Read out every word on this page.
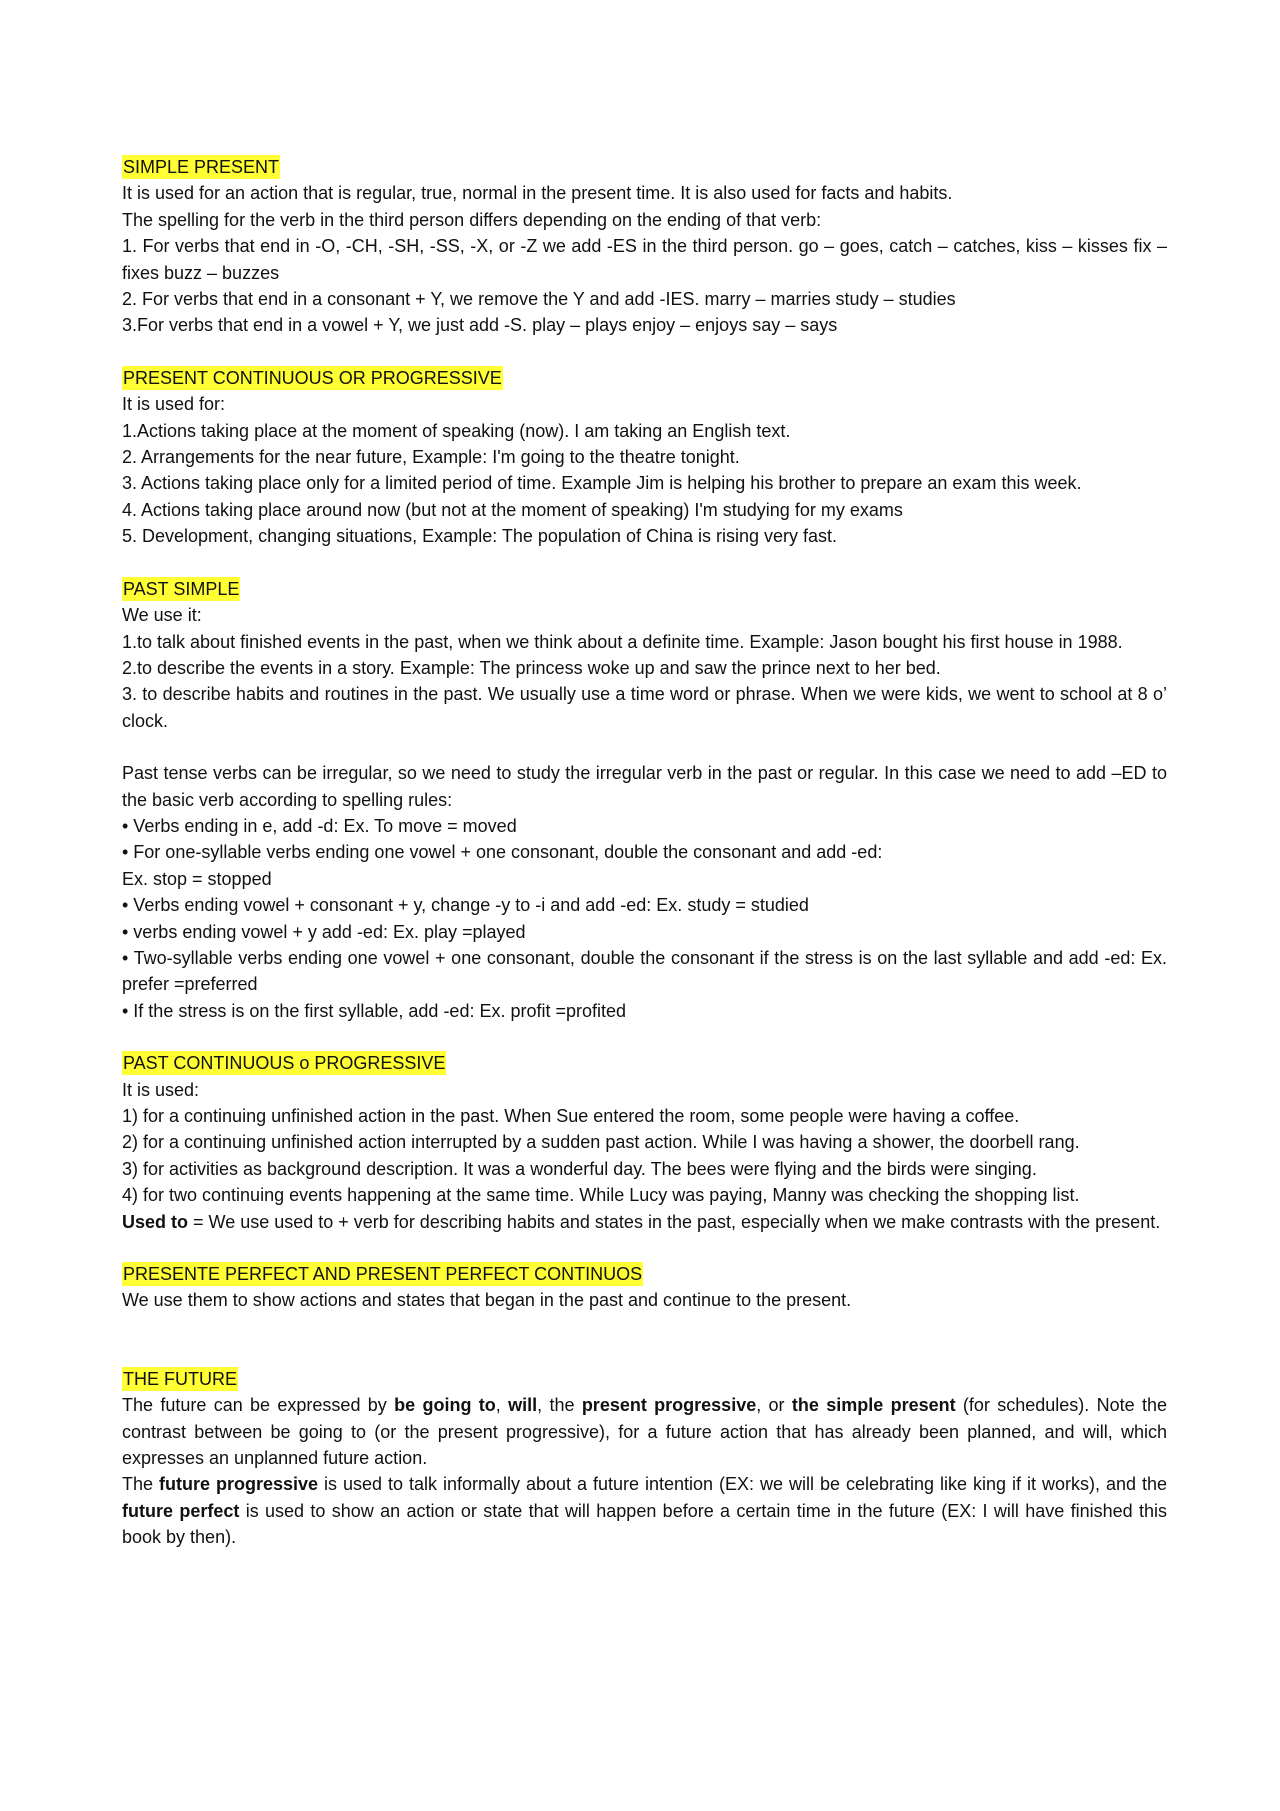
SIMPLE PRESENT

It is used for an action that is regular, true, normal in the present time. It is also used for facts and habits.

The spelling for the verb in the third person differs depending on the ending of that verb:

1. For verbs that end in -O, -CH, -SH, -SS, -X, or -Z we add -ES in the third person. go – goes, catch – catches, kiss – kisses fix – fixes buzz – buzzes

2. For verbs that end in a consonant + Y, we remove the Y and add -IES. marry – marries study – studies

3.For verbs that end in a vowel + Y, we just add -S. play – plays enjoy – enjoys say – says

PRESENT CONTINUOUS OR PROGRESSIVE

It is used for:

1.Actions taking place at the moment of speaking (now). I am taking an English text.

2. Arrangements for the near future, Example: I'm going to the theatre tonight.

3. Actions taking place only for a limited period of time. Example Jim is helping his brother to prepare an exam this week.

4. Actions taking place around now (but not at the moment of speaking) I'm studying for my exams

5. Development, changing situations, Example: The population of China is rising very fast.

PAST SIMPLE

We use it:

1.to talk about finished events in the past, when we think about a definite time. Example: Jason bought his first house in 1988.

2.to describe the events in a story. Example: The princess woke up and saw the prince next to her bed.

3. to describe habits and routines in the past. We usually use a time word or phrase. When we were kids, we went to school at 8 o’ clock.

Past tense verbs can be irregular, so we need to study the irregular verb in the past or regular. In this case we need to add –ED to the basic verb according to spelling rules:

• Verbs ending in e, add -d: Ex. To move = moved

• For one-syllable verbs ending one vowel + one consonant, double the consonant and add -ed:

Ex. stop = stopped

• Verbs ending vowel + consonant + y, change -y to -i and add -ed: Ex. study = studied

• verbs ending vowel + y add -ed: Ex. play =played

• Two-syllable verbs ending one vowel + one consonant, double the consonant if the stress is on the last syllable and add -ed: Ex. prefer =preferred

• If the stress is on the first syllable, add -ed: Ex. profit =profited

PAST CONTINUOUS o PROGRESSIVE

It is used:

1) for a continuing unfinished action in the past. When Sue entered the room, some people were having a coffee.

2) for a continuing unfinished action interrupted by a sudden past action. While I was having a shower, the doorbell rang.

3) for activities as background description. It was a wonderful day. The bees were flying and the birds were singing.

4) for two continuing events happening at the same time. While Lucy was paying, Manny was checking the shopping list.

Used to = We use used to + verb for describing habits and states in the past, especially when we make contrasts with the present.

PRESENTE PERFECT AND PRESENT PERFECT CONTINUOS

We use them to show actions and states that began in the past and continue to the present.

THE FUTURE

The future can be expressed by be going to, will, the present progressive, or the simple present (for schedules). Note the contrast between be going to (or the present progressive), for a future action that has already been planned, and will, which expresses an unplanned future action.

The future progressive is used to talk informally about a future intention (EX: we will be celebrating like king if it works), and the future perfect is used to show an action or state that will happen before a certain time in the future (EX: I will have finished this book by then).
